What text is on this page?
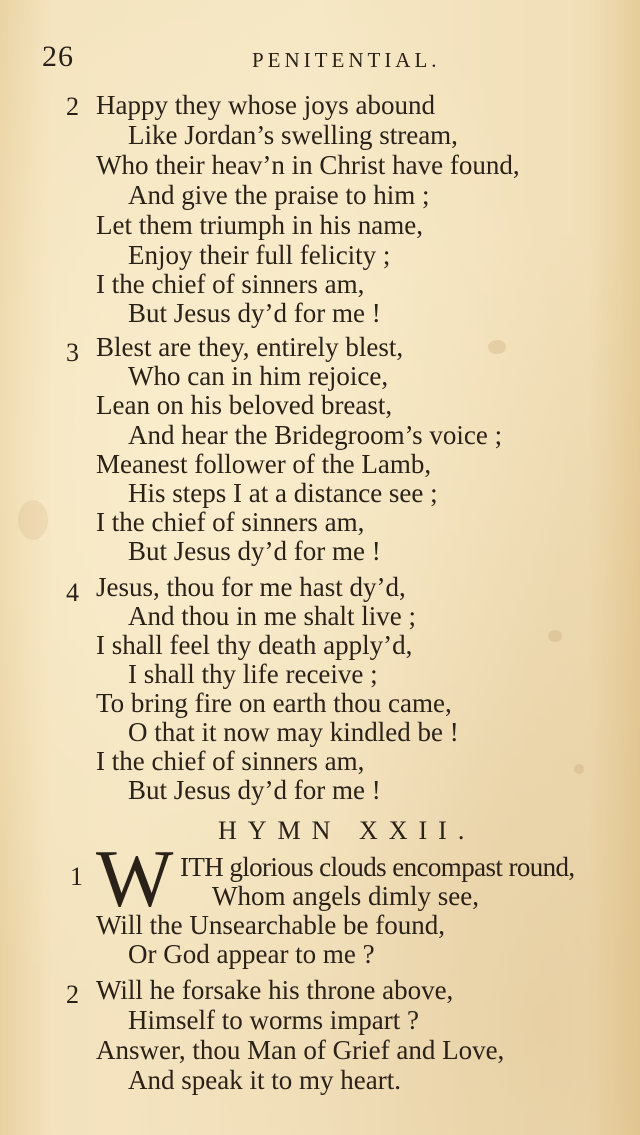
26	PENITENTIAL.
2 Happy they whose joys abound
Like Jordan’s swelling stream,
Who their heav’n in Christ have found,
And give the praise to him ;
Let them triumph in his name,
Enjoy their full felicity ;
I the chief of sinners am,
But Jesus dy’d for me !
3 Blest are they, entirely blest,
Who can in him rejoice,
Lean on his beloved breast,
And hear the Bridegroom’s voice ;
Meanest follower of the Lamb,
His steps I at a distance see ;
I the chief of sinners am,
But Jesus dy’d for me !
4 Jesus, thou for me hast dy’d,
And thou in me shalt live ;
I shall feel thy death apply’d,
I shall thy life receive ;
To bring fire on earth thou came,
O that it now may kindled be !
I the chief of sinners am,
But Jesus dy’d for me !
HYMN XXII.
1 W ITH glorious clouds encompast round,
Whom angels dimly see,
Will the Unsearchable be found,
Or God appear to me ?
2 Will he forsake his throne above,
Himself to worms impart ?
Answer, thou Man of Grief and Love,
And speak it to my heart.
